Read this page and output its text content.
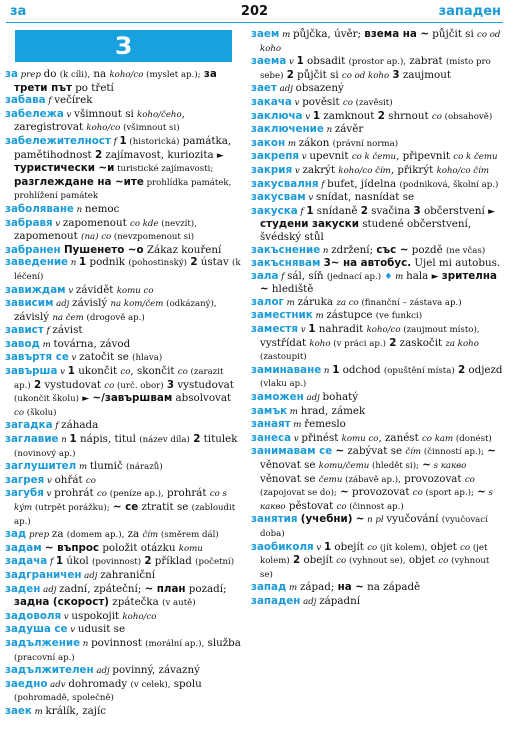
за	202	западен
З

за prep do (k cíli), na koho/co (myslet ap.); за трети път po třetí

забава f večírek

забележа v všimnout si koho/čeho, zaregistrovat koho/co (všimnout si)

забележителност f 1 (historická) památka, pamětihodnost 2 zajímavost, kuriozita ► туристически ~и turistické zajímavosti; разглеждане на ~ите prohlídka památek, prohlížení památek

заболяване n nemoc

забравя v zapomenout co kde (nevzít), zapomenout (na) co (nevzpomenout si)

забранен Пушенето ~о Zákaz kouření

заведение n 1 podnik (pohostinský) 2 ústav (k léčení)

завиждам v závidět komu co

зависим adj závislý na kom/čem (odkázaný), závislý na čem (drogově ap.)

завист f závist

завод m továrna, závod

завъртя се v zatočit se (hlava)

завърша v 1 ukončit co, skončit co (zarazit ap.) 2 vystudovat co (urč. obor) 3 vystudovat (ukončit školu) ► ~/завършвам absolvovat co (školu)

загадка f záhada

заглавие n 1 nápis, titul (název díla) 2 titulek (novinový ap.)

заглушител m tlumič (nárazů)

загрея v ohřát co

загубя v prohrát co (peníze ap.), prohrát co s kým (utrpět porážku); ~ се ztratit se (zabloudit ap.)

зад prep za (domem ap.), za čím (směrem dál)

задам ~ въпрос položit otázku komu

задача f 1 úkol (povinnost) 2 příklad (početní)

задграничен adj zahraniční

заден adj zadní, zpáteční; ~ план pozadí; задна (скорост) zpátečka (v autě)

задоволя v uspokojit koho/co

задуша се v udusit se

задължение n povinnost (morální ap.), služba (pracovní ap.)

задължителен adj povinný, závazný

заедно adv dohromady (v celek), spolu (pohromadě, společně)

заек m králík, zajíc

заем m půjčka, úvěr; взема на ~ půjčit si co od koho

заема v 1 obsadit (prostor ap.), zabrat (místo pro sebe) 2 půjčit si co od koho 3 zaujmout

зает adj obsazený

закача v pověsit co (zavěsit)

заключа v 1 zamknout 2 shrnout co (obsahově)

заключение n závěr

закон m zákon (právní norma)

закрепя v upevnit co k čemu, připevnit co k čemu

закрия v zakrýt koho/co čím, přikrýt koho/co čím

закусвалня f bufet, jídelna (podniková, školní ap.)

закусвам v snídat, nasnídat se

закуска f 1 snídaně 2 svačina 3 občerstvení ► студени закуски studené občerstvení, švédský stůl

закъснение n zdržení; със ~ pozdě (ne včas)

закъснявам 3~ на автобус. Ujel mi autobus.

зала f sál, síň (jednací ap.) ♦ m hala ► зрителна ~ hlediště

залог m záruka za co (finanční – zástava ap.)

заместник m zástupce (ve funkci)

заместя v 1 nahradit koho/co (zaujmout místo), vystřídat koho (v práci ap.) 2 zaskočit za koho (zastoupit)

заминаване n 1 odchod (opuštění místa) 2 odjezd (vlaku ap.)

заможен adj bohatý

замък m hrad, zámek

занаят m řemeslo

занеса v přinést komu co, zanést co kam (donést)

занимавам се ~ zabývat se čím (činností ap.); ~ věnovat se komu/čemu (hledět si); ~ s какво věnovat se čemu (zábavě ap.), provozovat co (zapojovat se do); ~ provozovat co (sport ap.); ~ s какво pěstovat co (činnost ap.)

занятия (учебни) ~ n pl vyučování (vyučovací doba)

заобиколя v 1 obejít co (jít kolem), objet co (jet kolem) 2 obejít co (vyhnout se), objet co (vyhnout se)

запад m západ; на ~ na západě

западен adj západní
